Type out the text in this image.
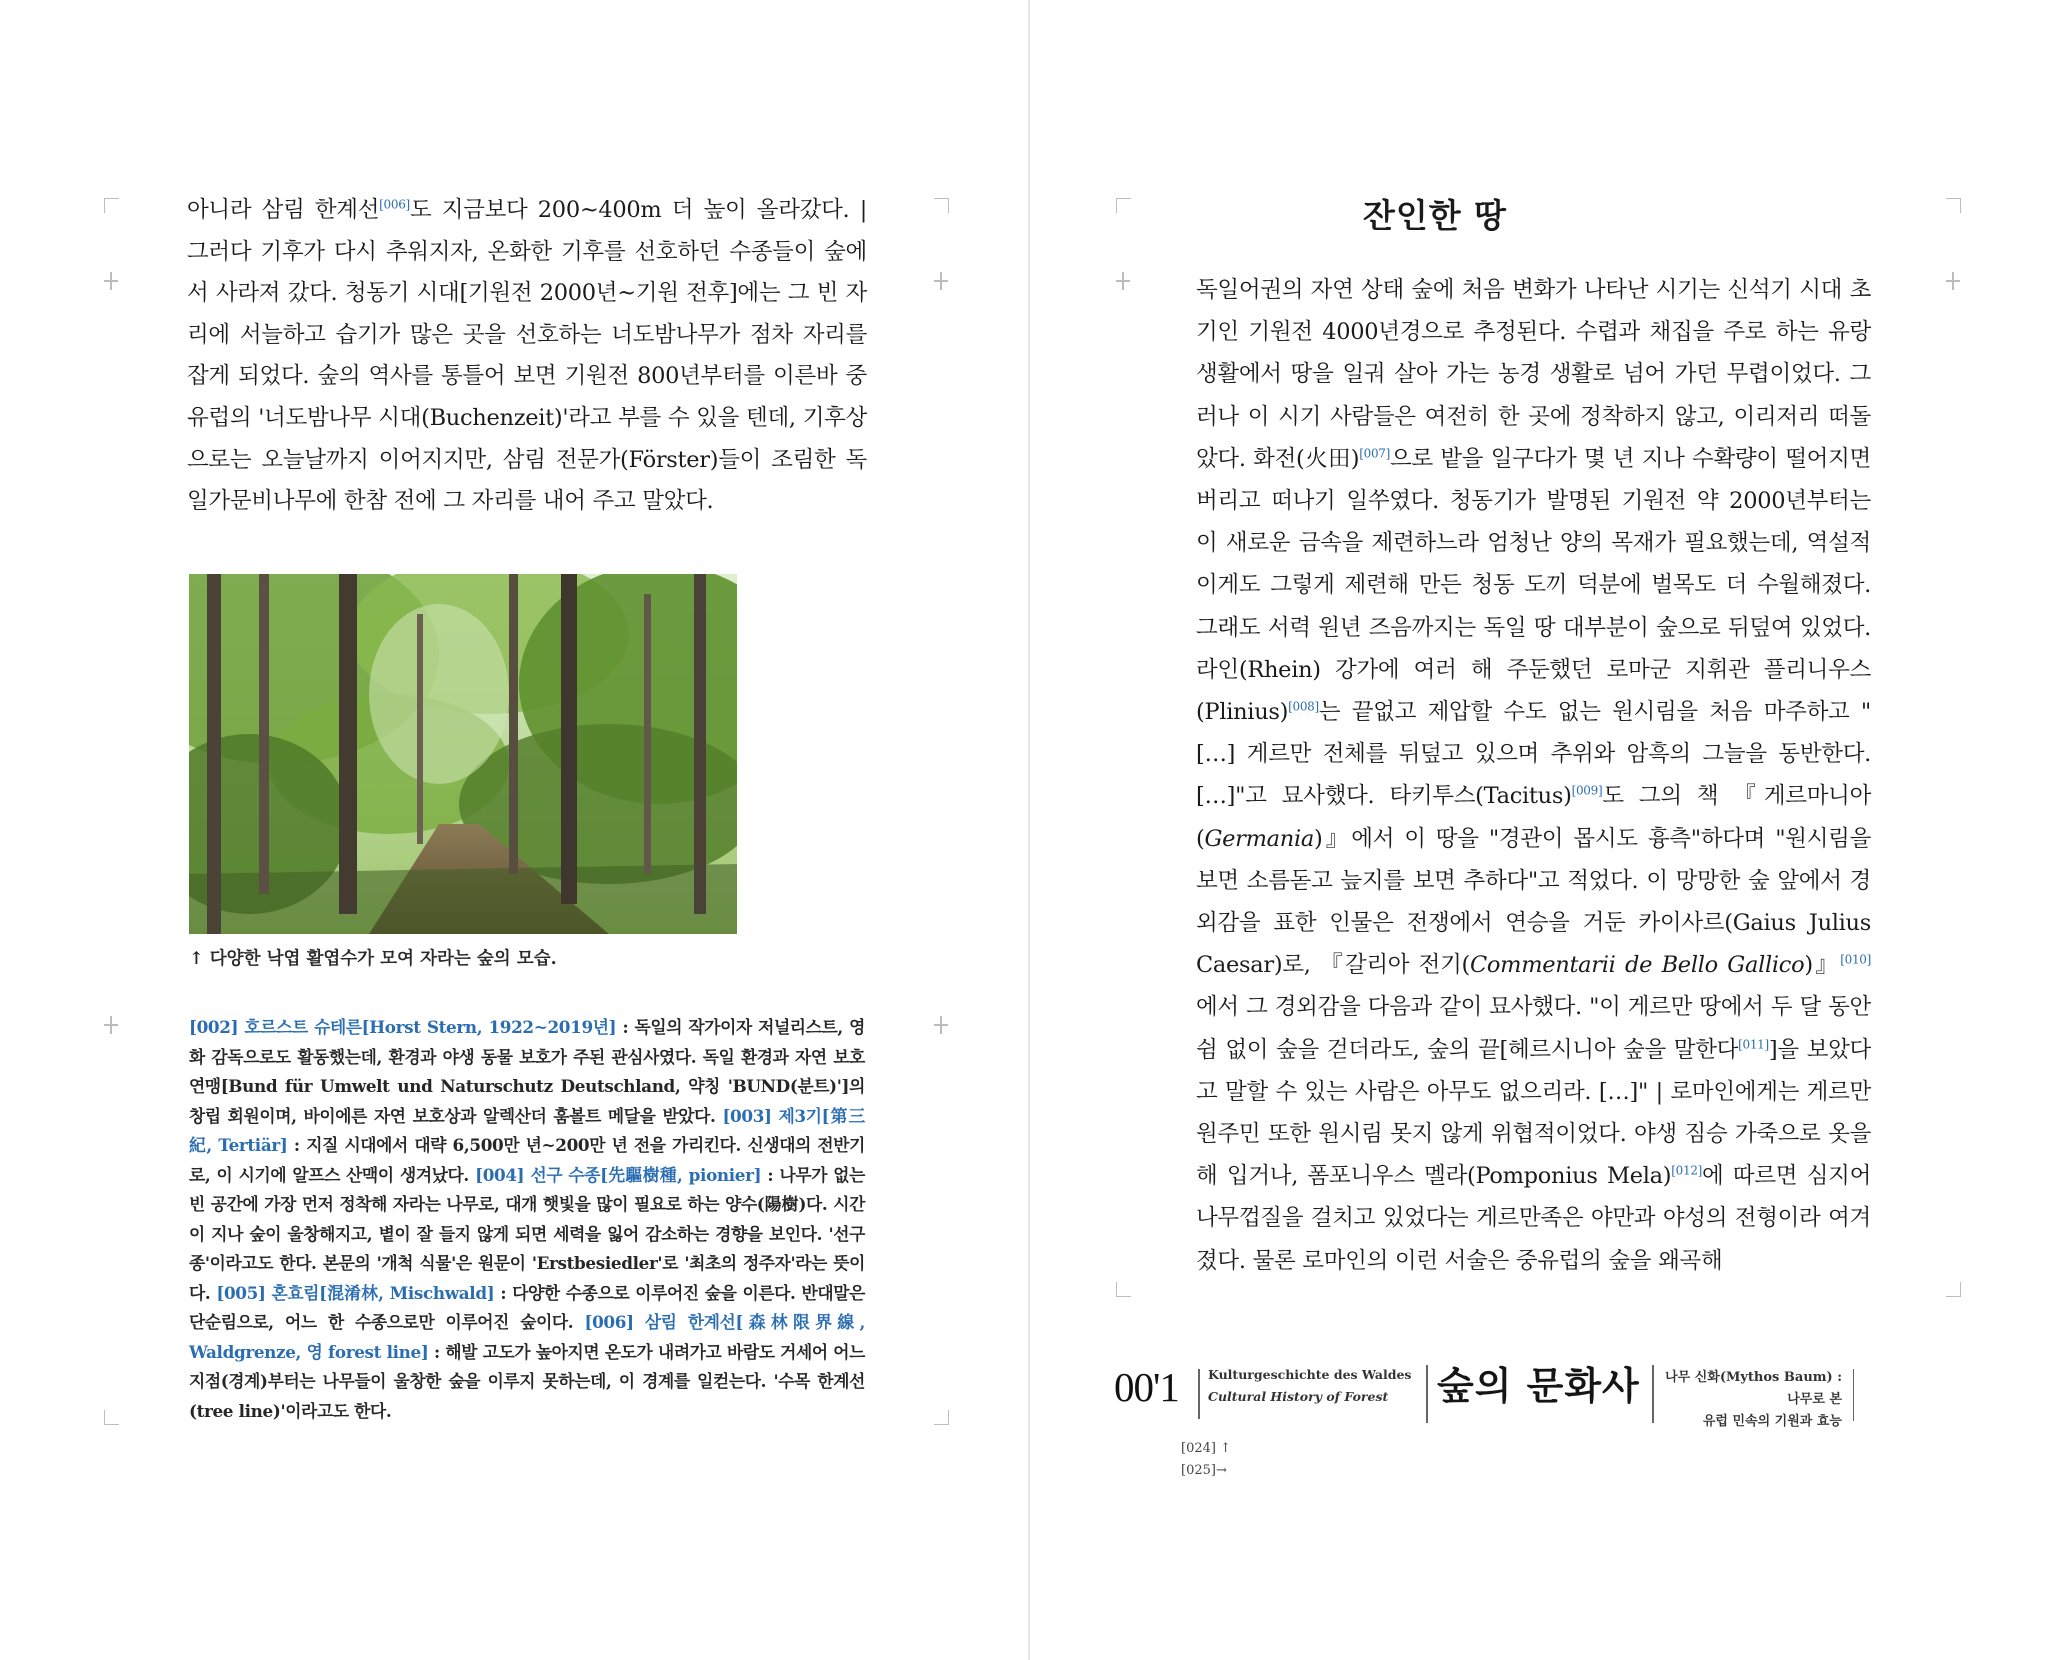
아니라 삼림 한계선[006]도 지금보다 200~400m 더 높이 올라갔다. | 그러다 기후가 다시 추워지자, 온화한 기후를 선호하던 수종들이 숲에서 사라져 갔다. 청동기 시대[기원전 2000년~기원 전후]에는 그 빈 자리에 서늘하고 습기가 많은 곳을 선호하는 너도밤나무가 점차 자리를 잡게 되었다. 숲의 역사를 통틀어 보면 기원전 800년부터를 이른바 중유럽의 '너도밤나무 시대(Buchenzeit)'라고 부를 수 있을 텐데, 기후상으로는 오늘날까지 이어지지만, 삼림 전문가(Förster)들이 조림한 독일가문비나무에 한참 전에 그 자리를 내어 주고 말았다.

↑ 다양한 낙엽 활엽수가 모여 자라는 숲의 모습.
[002] 호르스트 슈테른[Horst Stern, 1922~2019년] : 독일의 작가이자 저널리스트, 영화 감독으로도 활동했는데, 환경과 야생 동물 보호가 주된 관심사였다. 독일 환경과 자연 보호 연맹[Bund für Umwelt und Naturschutz Deutschland, 약칭 'BUND(분트)']의 창립 회원이며, 바이에른 자연 보호상과 알렉산더 훔볼트 메달을 받았다. [003] 제3기[第三紀, Tertiär] : 지질 시대에서 대략 6,500만 년~200만 년 전을 가리킨다. 신생대의 전반기로, 이 시기에 알프스 산맥이 생겨났다. [004] 선구 수종[先驅樹種, pionier] : 나무가 없는 빈 공간에 가장 먼저 정착해 자라는 나무로, 대개 햇빛을 많이 필요로 하는 양수(陽樹)다. 시간이 지나 숲이 울창해지고, 볕이 잘 들지 않게 되면 세력을 잃어 감소하는 경향을 보인다. '선구종'이라고도 한다. 본문의 '개척 식물'은 원문이 'Erstbesiedler'로 '최초의 정주자'라는 뜻이다. [005] 혼효림[混淆林, Mischwald] : 다양한 수종으로 이루어진 숲을 이른다. 반대말은 단순림으로, 어느 한 수종으로만 이루어진 숲이다. [006] 삼림 한계선[森林限界線, Waldgrenze, 영 forest line] : 해발 고도가 높아지면 온도가 내려가고 바람도 거세어 어느 지점(경계)부터는 나무들이 울창한 숲을 이루지 못하는데, 이 경계를 일컫는다. '수목 한계선(tree line)'이라고도 한다.
잔인한 땅

독일어권의 자연 상태 숲에 처음 변화가 나타난 시기는 신석기 시대 초기인 기원전 4000년경으로 추정된다. 수렵과 채집을 주로 하는 유랑 생활에서 땅을 일궈 살아 가는 농경 생활로 넘어 가던 무렵이었다. 그러나 이 시기 사람들은 여전히 한 곳에 정착하지 않고, 이리저리 떠돌았다. 화전(火田)[007]으로 밭을 일구다가 몇 년 지나 수확량이 떨어지면 버리고 떠나기 일쑤였다. 청동기가 발명된 기원전 약 2000년부터는 이 새로운 금속을 제련하느라 엄청난 양의 목재가 필요했는데, 역설적이게도 그렇게 제련해 만든 청동 도끼 덕분에 벌목도 더 수월해졌다. 그래도 서력 원년 즈음까지는 독일 땅 대부분이 숲으로 뒤덮여 있었다. 라인(Rhein) 강가에 여러 해 주둔했던 로마군 지휘관 플리니우스(Plinius)[008]는 끝없고 제압할 수도 없는 원시림을 처음 마주하고 "[…] 게르만 전체를 뒤덮고 있으며 추위와 암흑의 그늘을 동반한다. […]"고 묘사했다. 타키투스(Tacitus)[009]도 그의 책 『게르마니아(Germania)』에서 이 땅을 "경관이 몹시도 흉측"하다며 "원시림을 보면 소름돋고 늪지를 보면 추하다"고 적었다. 이 망망한 숲 앞에서 경외감을 표한 인물은 전쟁에서 연승을 거둔 카이사르(Gaius Julius Caesar)로, 『갈리아 전기(Commentarii de Bello Gallico)』[010]에서 그 경외감을 다음과 같이 묘사했다. "이 게르만 땅에서 두 달 동안 쉼 없이 숲을 걷더라도, 숲의 끝[헤르시니아 숲을 말한다[011]]을 보았다고 말할 수 있는 사람은 아무도 없으리라. […]" | 로마인에게는 게르만 원주민 또한 원시림 못지 않게 위협적이었다. 야생 짐승 가죽으로 옷을 해 입거나, 폼포니우스 멜라(Pomponius Mela)[012]에 따르면 심지어 나무껍질을 걸치고 있었다는 게르만족은 야만과 야성의 전형이라 여겨졌다. 물론 로마인의 이런 서술은 중유럽의 숲을 왜곡해

00'1 Kulturgeschichte des Waldes
Cultural History of Forest 숲의 문화사 나무 신화(Mythos Baum) :
나무로 본
유럽 민속의 기원과 효능
[024] ↑
[025]→
